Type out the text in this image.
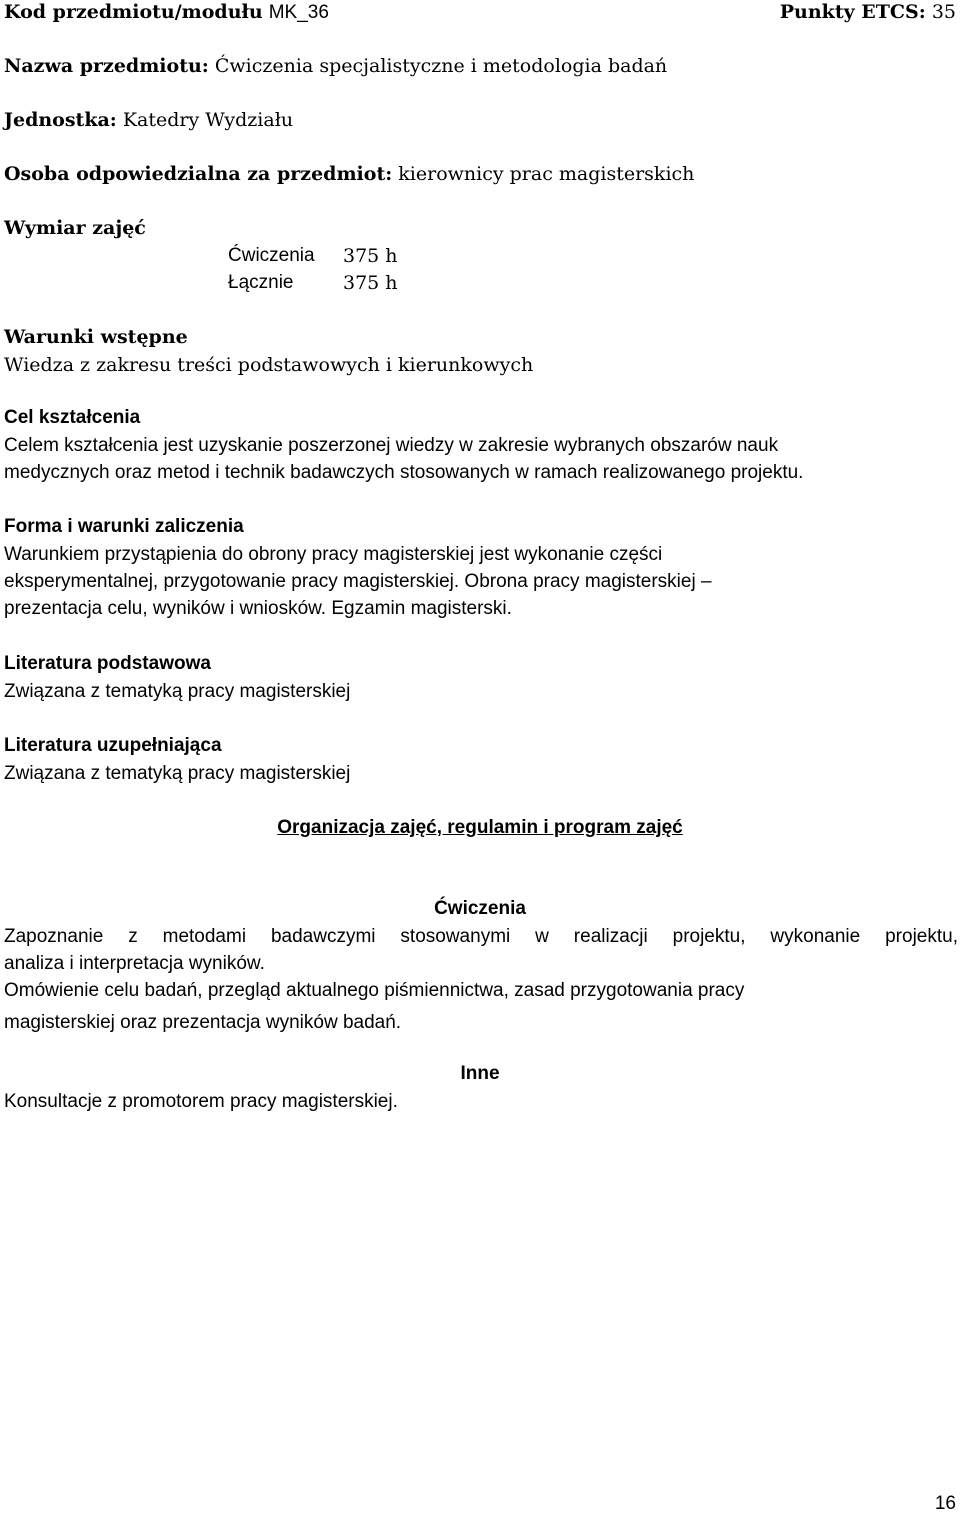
Kod przedmiotu/modułu MK_36	Punkty ETCS: 35
Nazwa przedmiotu: Ćwiczenia specjalistyczne i metodologia badań
Jednostka: Katedry Wydziału
Osoba odpowiedzialna za przedmiot: kierownicy prac magisterskich
Wymiar zajęć
Ćwiczenia 375 h
Łącznie	375 h
Warunki wstępne
Wiedza z zakresu treści podstawowych i kierunkowych
Cel kształcenia
Celem kształcenia jest uzyskanie poszerzonej wiedzy w zakresie wybranych obszarów nauk
medycznych oraz metod i technik badawczych stosowanych w ramach realizowanego projektu.
Forma i warunki zaliczenia
Warunkiem przystąpienia do obrony pracy magisterskiej jest wykonanie części
eksperymentalnej, przygotowanie pracy magisterskiej. Obrona pracy magisterskiej –
prezentacja celu, wyników i wniosków. Egzamin magisterski.
Literatura podstawowa
Związana z tematyką pracy magisterskiej
Literatura uzupełniająca
Związana z tematyką pracy magisterskiej
Organizacja zajęć, regulamin i program zajęć
Ćwiczenia
Zapoznanie z metodami badawczymi stosowanymi w realizacji projektu, wykonanie projektu,
analiza i interpretacja wyników.
Omówienie celu badań, przegląd aktualnego piśmiennictwa, zasad przygotowania pracy
magisterskiej oraz prezentacja wyników badań.
Inne
Konsultacje z promotorem pracy magisterskiej.
16
